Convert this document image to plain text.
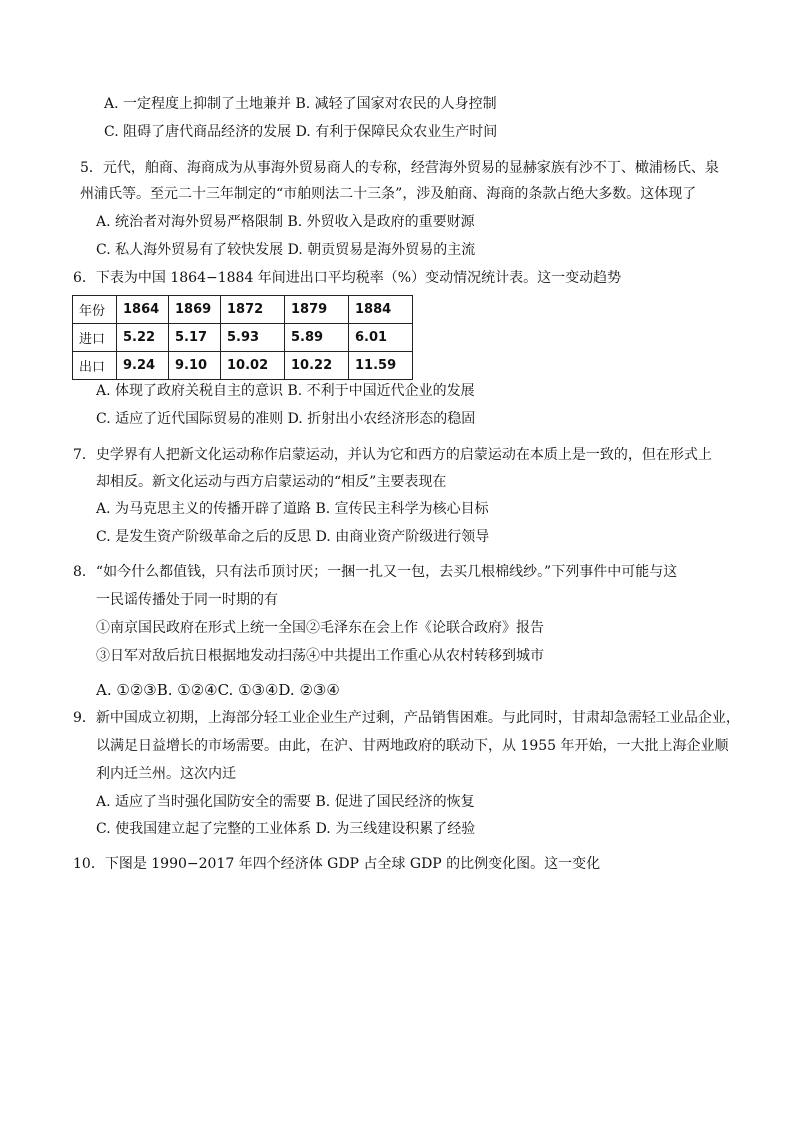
A. 一定程度上抑制了土地兼并 B. 减轻了国家对农民的人身控制
C. 阻碍了唐代商品经济的发展 D. 有利于保障民众农业生产时间
5．元代，舶商、海商成为从事海外贸易商人的专称，经营海外贸易的显赫家族有沙不丁、橄浦杨氏、泉
州浦氏等。至元二十三年制定的“市舶则法二十三条”，涉及舶商、海商的条款占绝大多数。这体现了
A. 统治者对海外贸易严格限制 B. 外贸收入是政府的重要财源
C. 私人海外贸易有了较快发展 D. 朝贡贸易是海外贸易的主流
6．下表为中国 1864−1884 年间进出口平均税率（%）变动情况统计表。这一变动趋势
年份	1864	1869	1872	1879	1884
进口	5.22	5.17	5.93	5.89	6.01
出口	9.24	9.10	10.02	10.22	11.59
A. 体现了政府关税自主的意识 B. 不利于中国近代企业的发展
C. 适应了近代国际贸易的准则 D. 折射出小农经济形态的稳固
7．史学界有人把新文化运动称作启蒙运动，并认为它和西方的启蒙运动在本质上是一致的，但在形式上
却相反。新文化运动与西方启蒙运动的“相反”主要表现在
A. 为马克思主义的传播开辟了道路 B. 宣传民主科学为核心目标
C. 是发生资产阶级革命之后的反思 D. 由商业资产阶级进行领导
8．“如今什么都值钱，只有法币顶讨厌；一捆一扎又一包，去买几根棉线纱。”下列事件中可能与这
一民谣传播处于同一时期的有
①南京国民政府在形式上统一全国②毛泽东在会上作《论联合政府》报告
③日军对敌后抗日根据地发动扫荡④中共提出工作重心从农村转移到城市
A. ①②③B. ①②④C. ①③④D. ②③④
9．新中国成立初期，上海部分轻工业企业生产过剩，产品销售困难。与此同时，甘肃却急需轻工业品企业，
以满足日益增长的市场需要。由此，在沪、甘两地政府的联动下，从 1955 年开始，一大批上海企业顺
利内迁兰州。这次内迁
A. 适应了当时强化国防安全的需要 B. 促进了国民经济的恢复
C. 使我国建立起了完整的工业体系 D. 为三线建设积累了经验
10．下图是 1990−2017 年四个经济体 GDP 占全球 GDP 的比例变化图。这一变化
